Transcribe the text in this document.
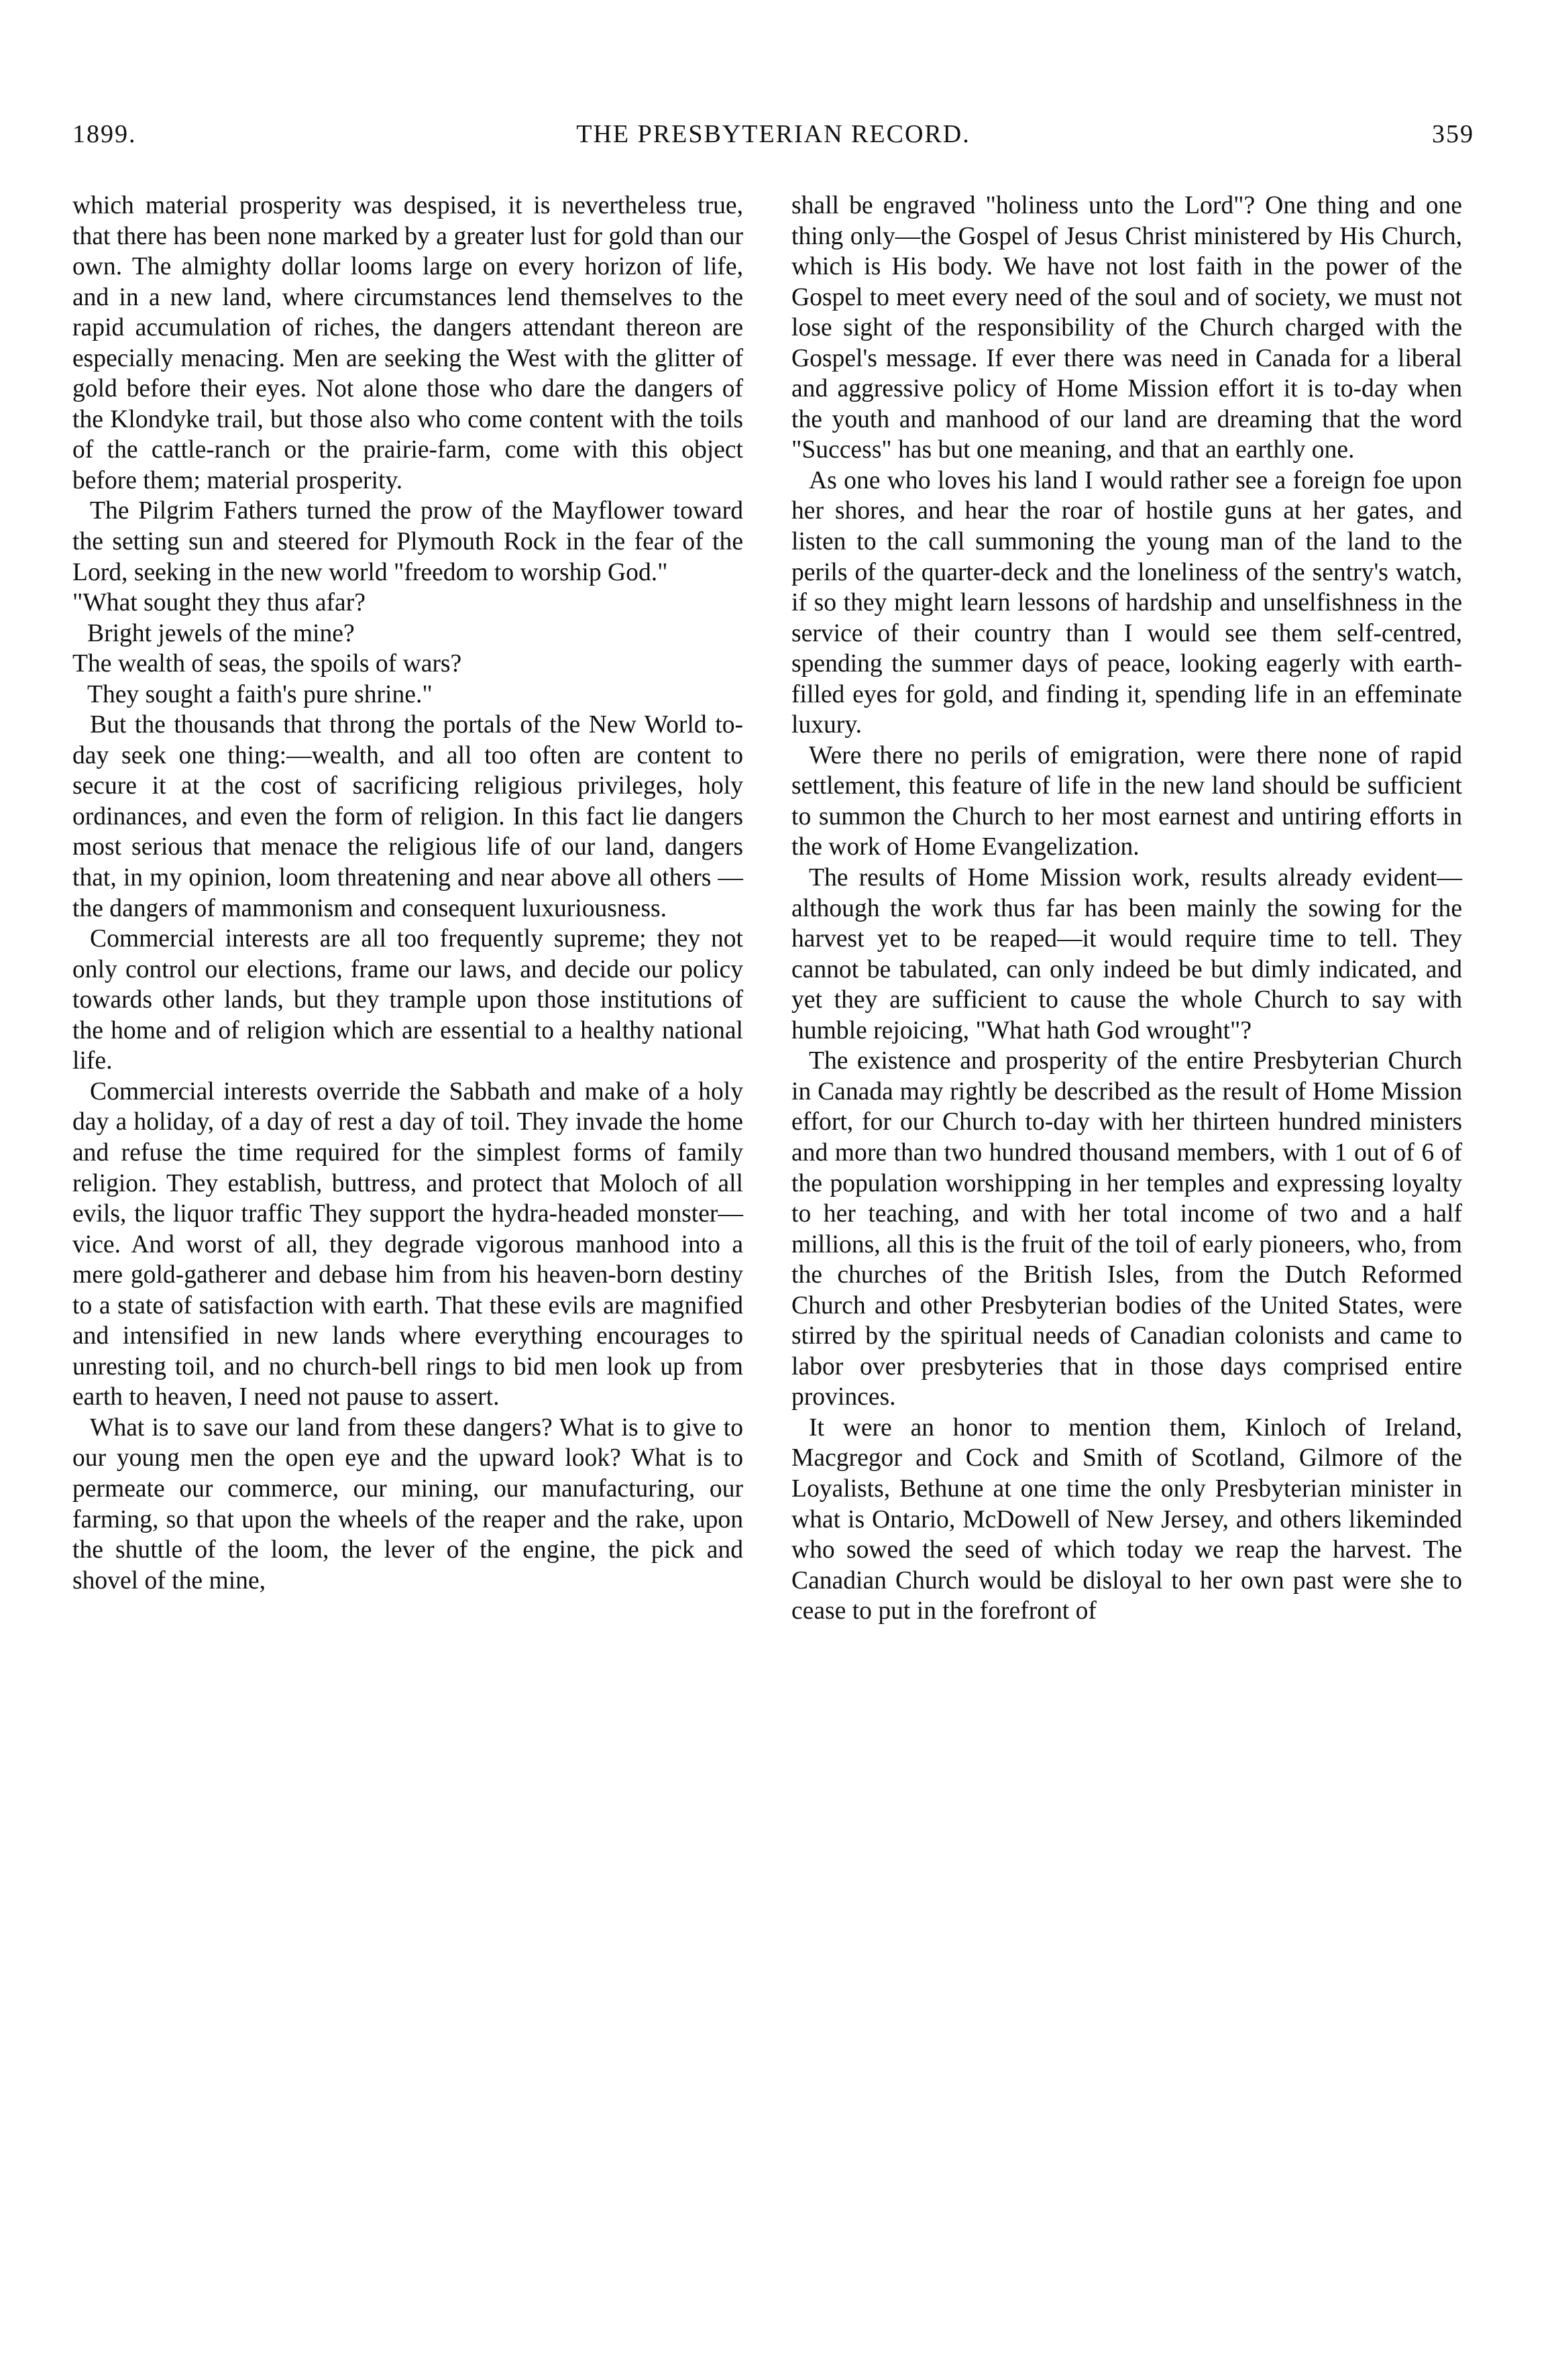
1899.	THE PRESBYTERIAN RECORD.	359

which material prosperity was despised, it is nevertheless true, that there has been none marked by a greater lust for gold than our own. The almighty dollar looms large on every horizon of life, and in a new land, where circumstances lend themselves to the rapid accumulation of riches, the dangers attendant thereon are especially menacing. Men are seeking the West with the glitter of gold before their eyes. Not alone those who dare the dangers of the Klondyke trail, but those also who come content with the toils of the cattle-ranch or the prairie-farm, come with this object before them; material prosperity.

The Pilgrim Fathers turned the prow of the Mayflower toward the setting sun and steered for Plymouth Rock in the fear of the Lord, seeking in the new world "freedom to worship God."

"What sought they thus afar?
Bright jewels of the mine?
The wealth of seas, the spoils of wars?
They sought a faith's pure shrine."

But the thousands that throng the portals of the New World to-day seek one thing:—wealth, and all too often are content to secure it at the cost of sacrificing religious privileges, holy ordinances, and even the form of religion. In this fact lie dangers most serious that menace the religious life of our land, dangers that, in my opinion, loom threatening and near above all others —the dangers of mammonism and consequent luxuriousness.

Commercial interests are all too frequently supreme; they not only control our elections, frame our laws, and decide our policy towards other lands, but they trample upon those institutions of the home and of religion which are essential to a healthy national life.

Commercial interests override the Sabbath and make of a holy day a holiday, of a day of rest a day of toil. They invade the home and refuse the time required for the simplest forms of family religion. They establish, buttress, and protect that Moloch of all evils, the liquor traffic They support the hydra-headed monster—vice. And worst of all, they degrade vigorous manhood into a mere gold-gatherer and debase him from his heaven-born destiny to a state of satisfaction with earth. That these evils are magnified and intensified in new lands where everything encourages to unresting toil, and no church-bell rings to bid men look up from earth to heaven, I need not pause to assert.

What is to save our land from these dangers? What is to give to our young men the open eye and the upward look? What is to permeate our commerce, our mining, our manufacturing, our farming, so that upon the wheels of the reaper and the rake, upon the shuttle of the loom, the lever of the engine, the pick and shovel of the mine,

shall be engraved "holiness unto the Lord"? One thing and one thing only—the Gospel of Jesus Christ ministered by His Church, which is His body. We have not lost faith in the power of the Gospel to meet every need of the soul and of society, we must not lose sight of the responsibility of the Church charged with the Gospel's message. If ever there was need in Canada for a liberal and aggressive policy of Home Mission effort it is to-day when the youth and manhood of our land are dreaming that the word "Success" has but one meaning, and that an earthly one.

As one who loves his land I would rather see a foreign foe upon her shores, and hear the roar of hostile guns at her gates, and listen to the call summoning the young man of the land to the perils of the quarter-deck and the loneliness of the sentry's watch, if so they might learn lessons of hardship and unselfishness in the service of their country than I would see them self-centred, spending the summer days of peace, looking eagerly with earth-filled eyes for gold, and finding it, spending life in an effeminate luxury.

Were there no perils of emigration, were there none of rapid settlement, this feature of life in the new land should be sufficient to summon the Church to her most earnest and untiring efforts in the work of Home Evangelization.

The results of Home Mission work, results already evident—although the work thus far has been mainly the sowing for the harvest yet to be reaped—it would require time to tell. They cannot be tabulated, can only indeed be but dimly indicated, and yet they are sufficient to cause the whole Church to say with humble rejoicing, "What hath God wrought"?

The existence and prosperity of the entire Presbyterian Church in Canada may rightly be described as the result of Home Mission effort, for our Church to-day with her thirteen hundred ministers and more than two hundred thousand members, with 1 out of 6 of the population worshipping in her temples and expressing loyalty to her teaching, and with her total income of two and a half millions, all this is the fruit of the toil of early pioneers, who, from the churches of the British Isles, from the Dutch Reformed Church and other Presbyterian bodies of the United States, were stirred by the spiritual needs of Canadian colonists and came to labor over presbyteries that in those days comprised entire provinces.

It were an honor to mention them, Kinloch of Ireland, Macgregor and Cock and Smith of Scotland, Gilmore of the Loyalists, Bethune at one time the only Presbyterian minister in what is Ontario, McDowell of New Jersey, and others likeminded who sowed the seed of which today we reap the harvest. The Canadian Church would be disloyal to her own past were she to cease to put in the forefront of
